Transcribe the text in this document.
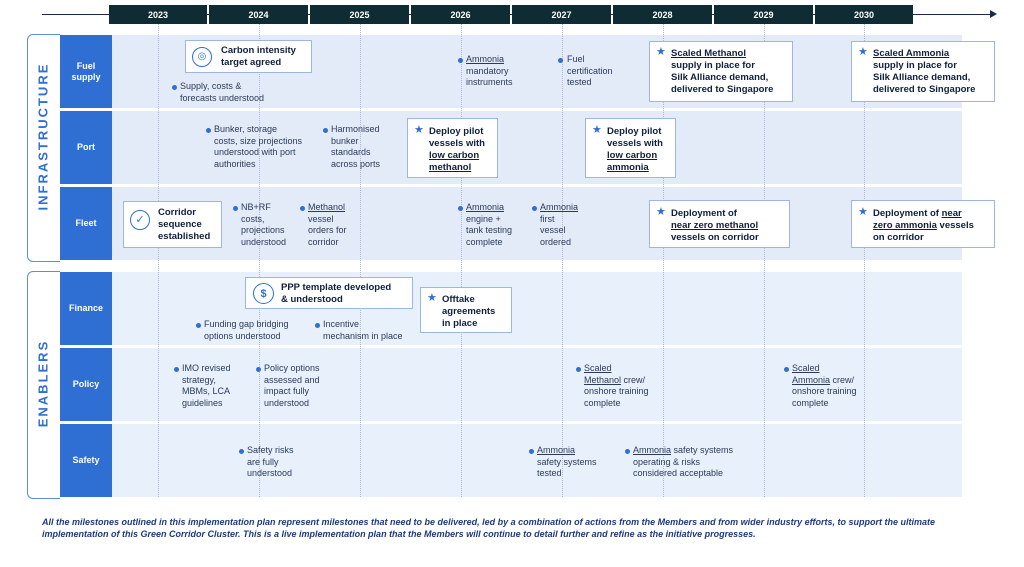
2023	2024	2025	2026	2027	2028	2029	2030
INFRASTRUCTURE
ENABLERS
Fuel supply
Port
Fleet
Finance
Policy
Safety
◎
Carbon intensity
target agreed
Supply, costs &
forecasts understood
Ammonia
mandatory
instruments
Fuel
certification
tested
★ Scaled Methanol
supply in place for
Silk Alliance demand,
delivered to Singapore
★ Scaled Ammonia
supply in place for
Silk Alliance demand,
delivered to Singapore
Bunker, storage
costs, size projections
understood with port
authorities
Harmonised
bunker
standards
across ports
★ Deploy pilot
vessels with
low carbon
methanol
★ Deploy pilot
vessels with
low carbon
ammonia
✓
Corridor
sequence
established
NB+RF
costs,
projections
understood
Methanol
vessel
orders for
corridor
Ammonia
engine +
tank testing
complete
Ammonia
first
vessel
ordered
★ Deployment of
near zero methanol
vessels on corridor
★ Deployment of near
zero ammonia vessels
on corridor
$	PPP template developed
& understood
Funding gap bridging
options understood
Incentive
mechanism in place
★ Offtake
agreements
in place
IMO revised
strategy,
MBMs, LCA
guidelines
Policy options
assessed and
impact fully
understood
Scaled
Methanol crew/
onshore training
complete
Scaled
Ammonia crew/
onshore training
complete
Safety risks
are fully
understood
Ammonia
safety systems
tested
Ammonia safety systems
operating & risks
considered acceptable
All the milestones outlined in this implementation plan represent milestones that need to be delivered, led by a combination of actions from the Members and from wider industry efforts, to support the ultimate implementation of this Green Corridor Cluster. This is a live implementation plan that the Members will continue to detail further and refine as the initiative progresses.
